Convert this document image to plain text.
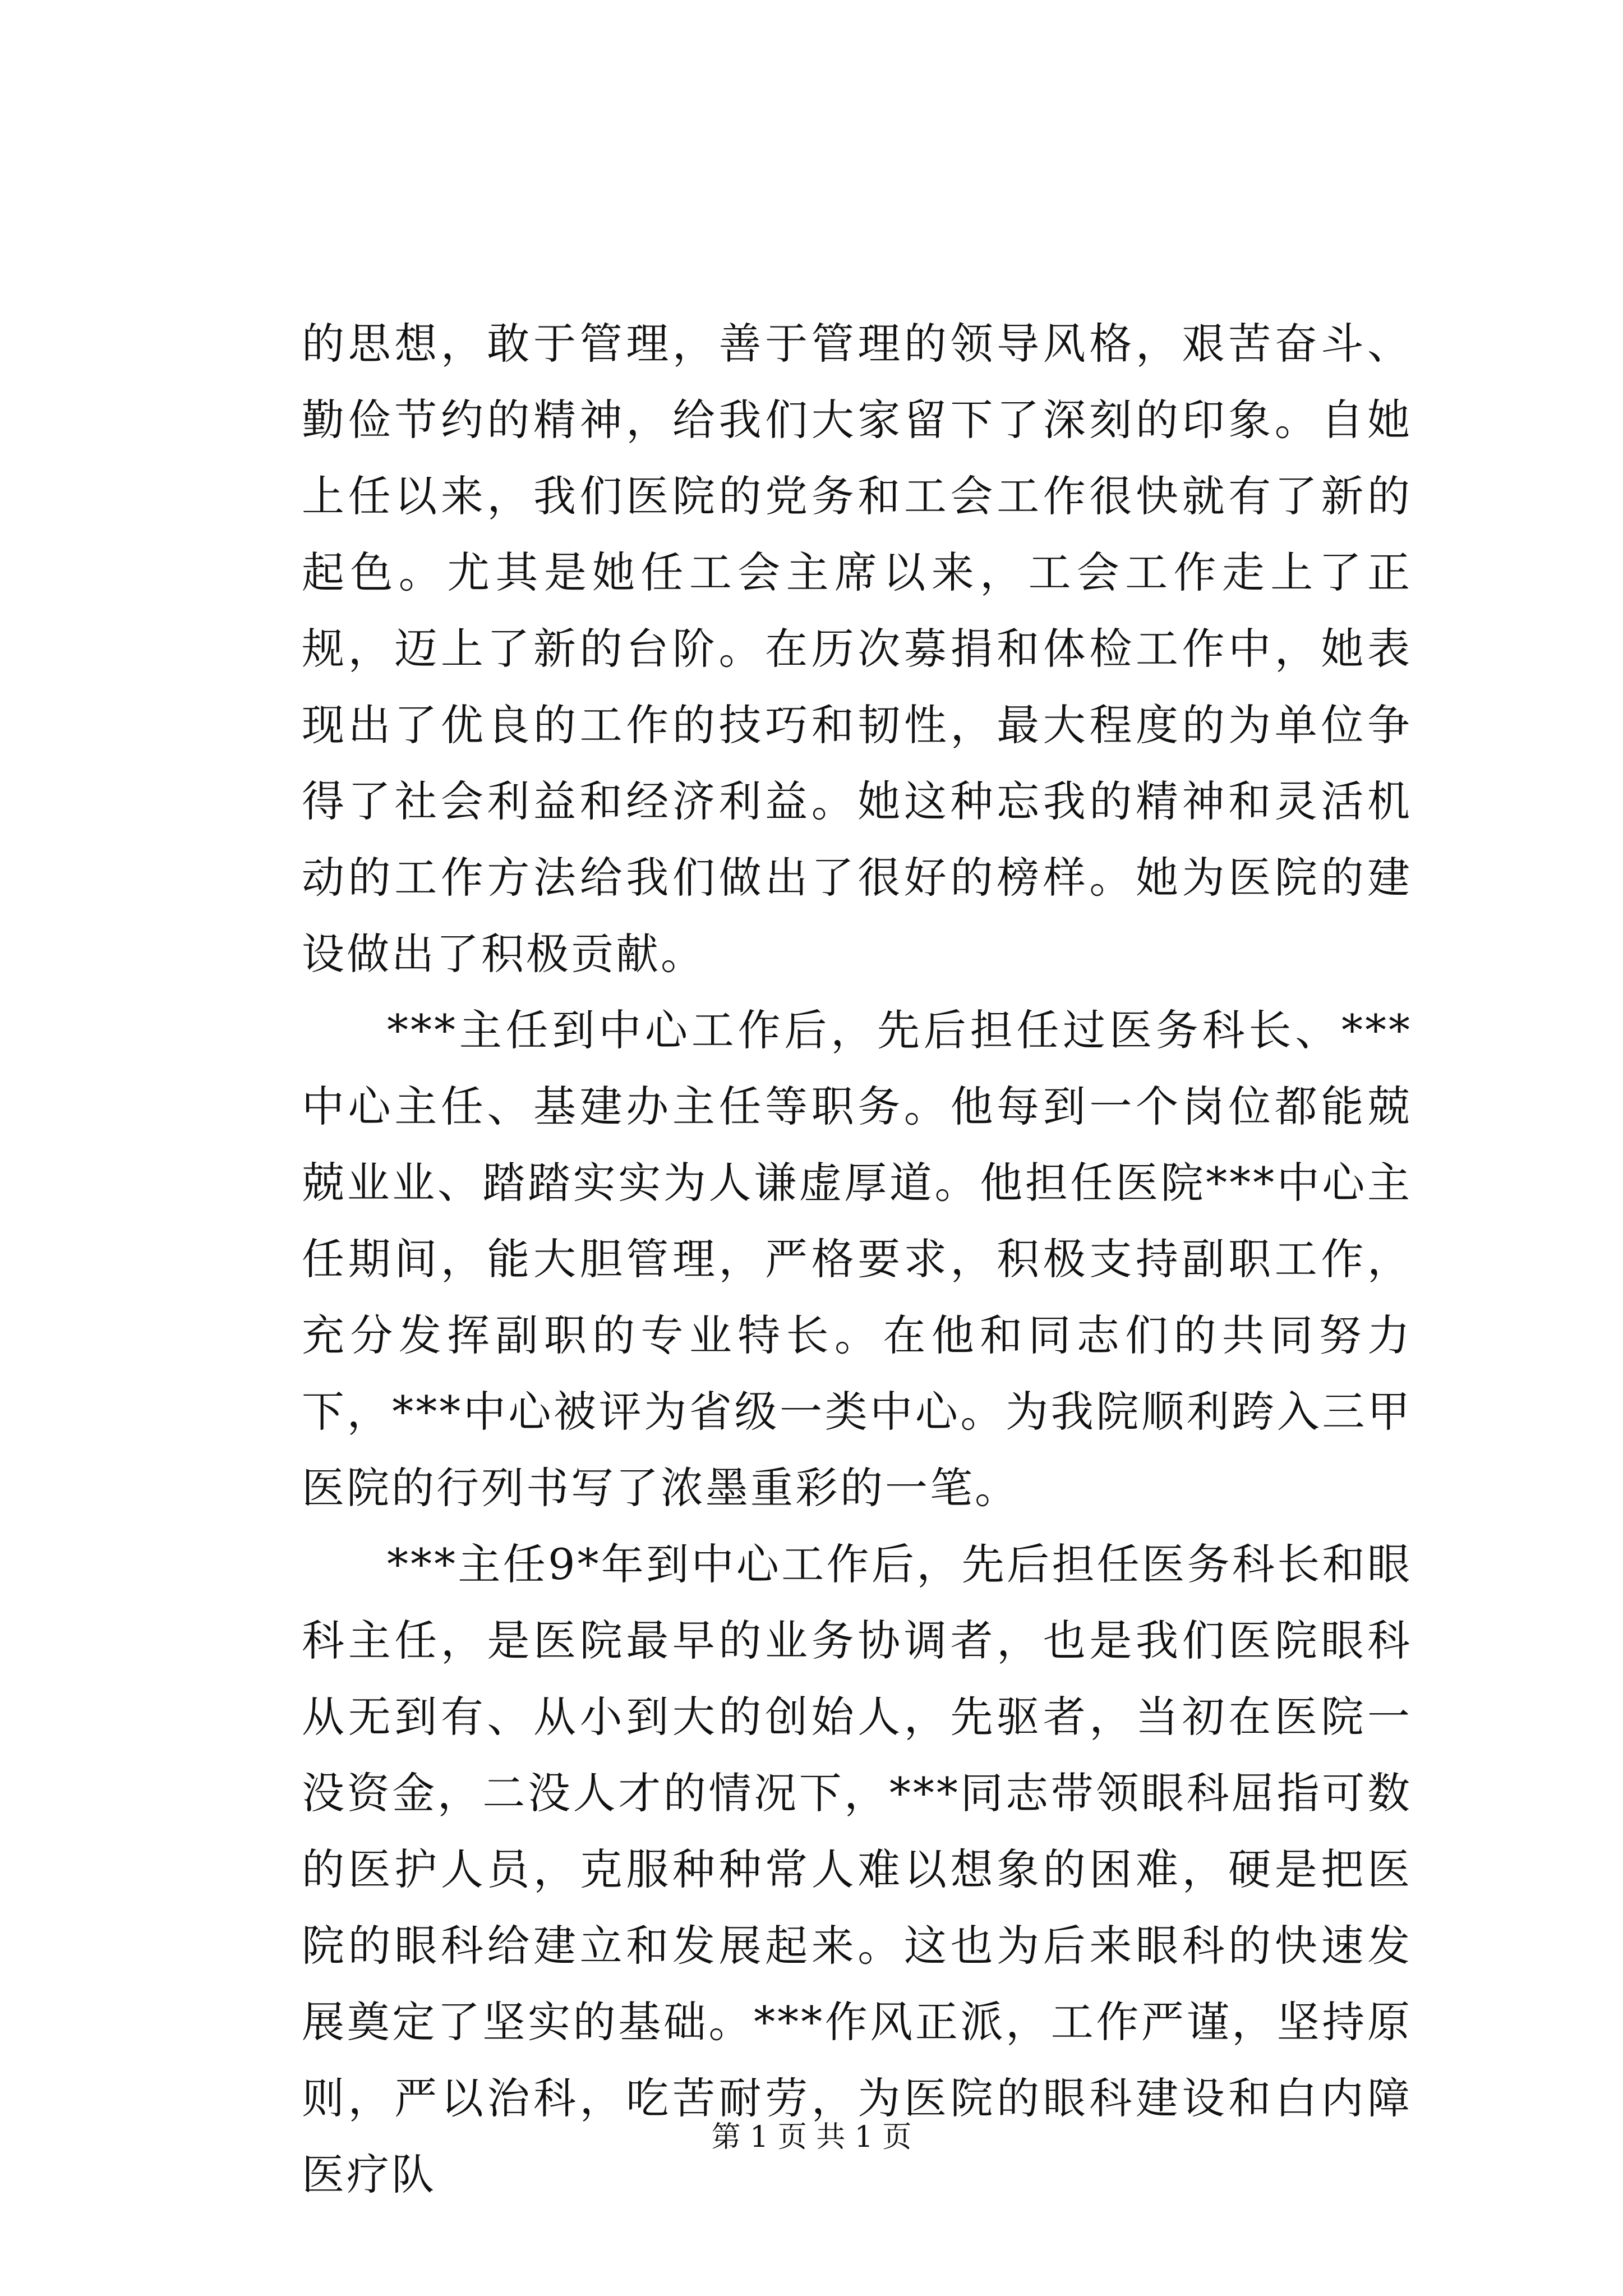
的思想，敢于管理，善于管理的领导风格，艰苦奋斗、勤俭节约的精神，给我们大家留下了深刻的印象。自她上任以来，我们医院的党务和工会工作很快就有了新的起色。尤其是她任工会主席以来，工会工作走上了正规，迈上了新的台阶。在历次募捐和体检工作中，她表现出了优良的工作的技巧和韧性，最大程度的为单位争得了社会利益和经济利益。她这种忘我的精神和灵活机动的工作方法给我们做出了很好的榜样。她为医院的建设做出了积极贡献。

***主任到中心工作后，先后担任过医务科长、***中心主任、基建办主任等职务。他每到一个岗位都能兢兢业业、踏踏实实为人谦虚厚道。他担任医院***中心主任期间，能大胆管理，严格要求，积极支持副职工作，充分发挥副职的专业特长。在他和同志们的共同努力下，***中心被评为省级一类中心。为我院顺利跨入三甲医院的行列书写了浓墨重彩的一笔。

***主任9*年到中心工作后，先后担任医务科长和眼科主任，是医院最早的业务协调者，也是我们医院眼科从无到有、从小到大的创始人，先驱者，当初在医院一没资金，二没人才的情况下，***同志带领眼科屈指可数的医护人员，克服种种常人难以想象的困难，硬是把医院的眼科给建立和发展起来。这也为后来眼科的快速发展奠定了坚实的基础。***作风正派，工作严谨，坚持原则，严以治科，吃苦耐劳，为医院的眼科建设和白内障医疗队

第 1 页 共 1 页
